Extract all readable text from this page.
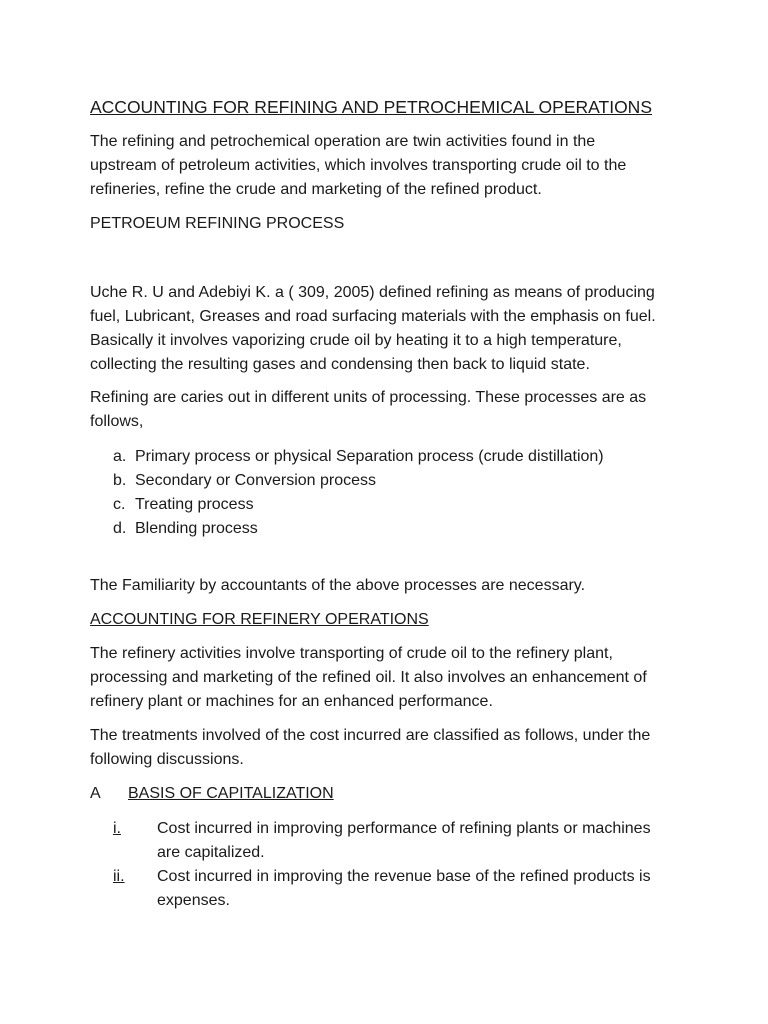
ACCOUNTING FOR REFINING AND PETROCHEMICAL OPERATIONS
The refining and petrochemical operation are twin activities found in the
upstream of petroleum activities, which involves transporting crude oil to the
refineries, refine the crude and marketing of the refined product.
PETROEUM REFINING PROCESS
Uche R. U and Adebiyi K. a ( 309, 2005) defined refining as means of producing
fuel, Lubricant, Greases and road surfacing materials with the emphasis on fuel.
Basically it involves vaporizing crude oil by heating it to a high temperature,
collecting the resulting gases and condensing then back to liquid state.
Refining are caries out in different units of processing. These processes are as
follows,
a. Primary process or physical Separation process (crude distillation)
b. Secondary or Conversion process
c. Treating process
d. Blending process
The Familiarity by accountants of the above processes are necessary.
ACCOUNTING FOR REFINERY OPERATIONS
The refinery activities involve transporting of crude oil to the refinery plant,
processing and marketing of the refined oil. It also involves an enhancement of
refinery plant or machines for an enhanced performance.
The treatments involved of the cost incurred are classified as follows, under the
following discussions.
A BASIS OF CAPITALIZATION
i.	Cost incurred in improving performance of refining plants or machines
are capitalized.
ii.	Cost incurred in improving the revenue base of the refined products is
expenses.
